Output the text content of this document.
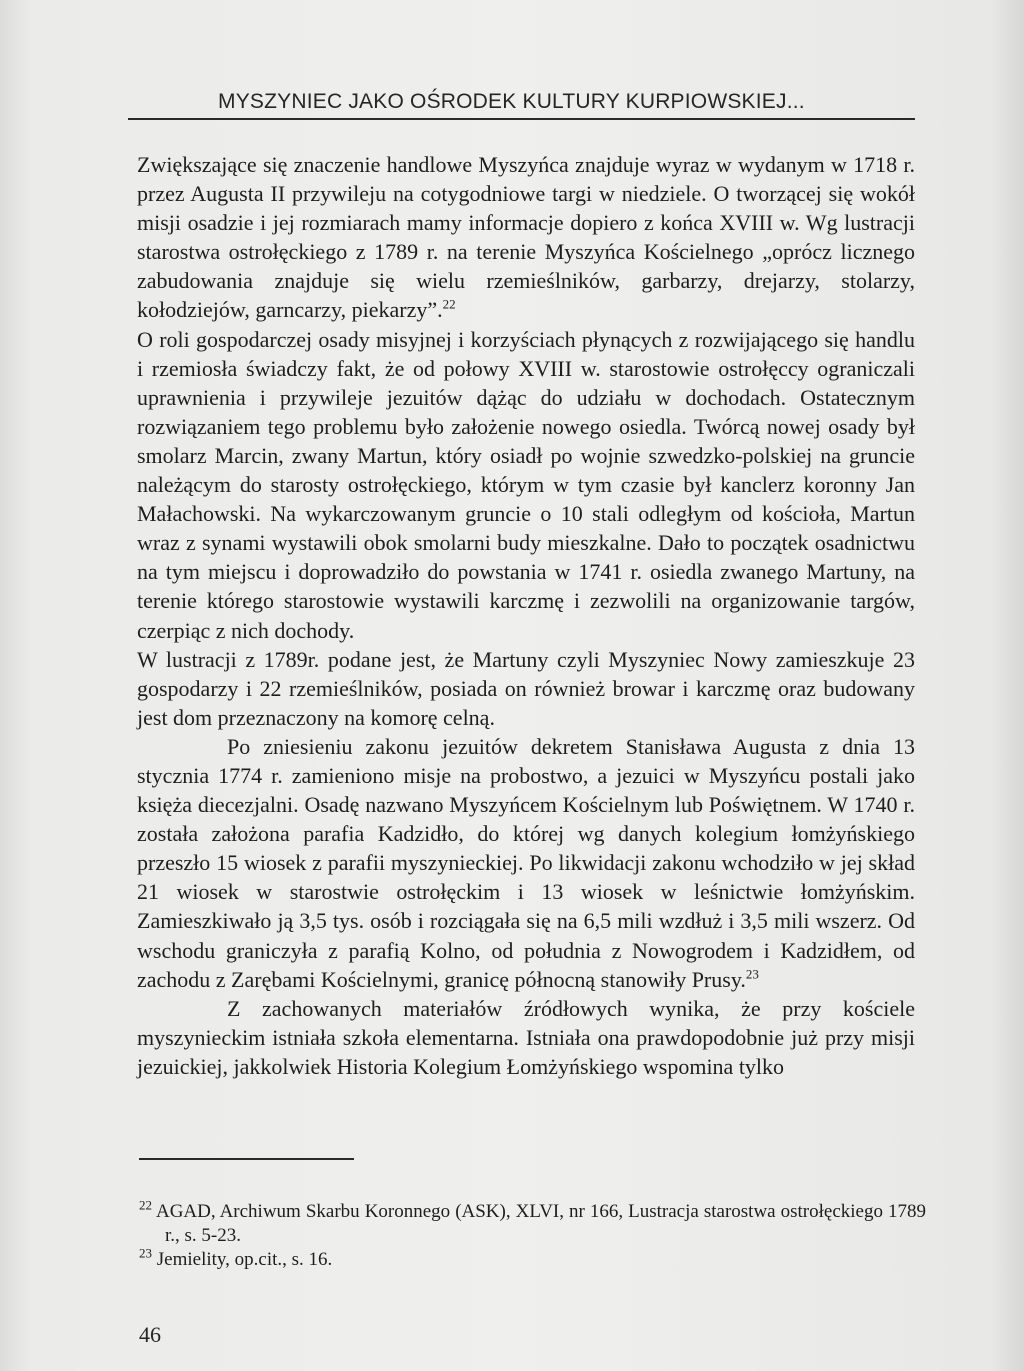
MYSZYNIEC JAKO OŚRODEK KULTURY KURPIOWSKIEJ...

Zwiększające się znaczenie handlowe Myszyńca znajduje wyraz w wydanym w 1718 r. przez Augusta II przywileju na cotygodniowe targi w niedziele. O tworzącej się wokół misji osadzie i jej rozmiarach mamy informacje dopiero z końca XVIII w. Wg lustracji starostwa ostrołęckiego z 1789 r. na terenie Myszyńca Kościelnego „oprócz licznego zabudowania znajduje się wielu rzemieślników, garbarzy, drejarzy, stolarzy, kołodziejów, garncarzy, piekarzy”.$^{22}$

O roli gospodarczej osady misyjnej i korzyściach płynących z rozwijającego się handlu i rzemiosła świadczy fakt, że od połowy XVIII w. starostowie ostrołęccy ograniczali uprawnienia i przywileje jezuitów dążąc do udziału w dochodach. Ostatecznym rozwiązaniem tego problemu było założenie nowego osiedla. Twórcą nowej osady był smolarz Marcin, zwany Martun, który osiadł po wojnie szwedzko-polskiej na gruncie należącym do starosty ostrołęckiego, którym w tym czasie był kanclerz koronny Jan Małachowski. Na wykarczowanym gruncie o 10 stali odległym od kościoła, Martun wraz z synami wystawili obok smolarni budy mieszkalne. Dało to początek osadnictwu na tym miejscu i doprowadziło do powstania w 1741 r. osiedla zwanego Martuny, na terenie którego starostowie wystawili karczmę i zezwolili na organizowanie targów, czerpiąc z nich dochody.

W lustracji z 1789r. podane jest, że Martuny czyli Myszyniec Nowy zamieszkuje 23 gospodarzy i 22 rzemieślników, posiada on również browar i karczmę oraz budowany jest dom przeznaczony na komorę celną.

Po zniesieniu zakonu jezuitów dekretem Stanisława Augusta z dnia 13 stycznia 1774 r. zamieniono misje na probostwo, a jezuici w Myszyńcu postali jako księża diecezjalni. Osadę nazwano Myszyńcem Kościelnym lub Poświętnem. W 1740 r. została założona parafia Kadzidło, do której wg danych kolegium łomżyńskiego przeszło 15 wiosek z parafii myszynieckiej. Po likwidacji zakonu wchodziło w jej skład 21 wiosek w starostwie ostrołęckim i 13 wiosek w leśnictwie łomżyńskim. Zamieszkiwało ją 3,5 tys. osób i rozciągała się na 6,5 mili wzdłuż i 3,5 mili wszerz. Od wschodu graniczyła z parafią Kolno, od południa z Nowogrodem i Kadzidłem, od zachodu z Zarębami Kościelnymi, granicę północną stanowiły Prusy.$^{23}$

Z zachowanych materiałów źródłowych wynika, że przy kościele myszynieckim istniała szkoła elementarna. Istniała ona prawdopodobnie już przy misji jezuickiej, jakkolwiek Historia Kolegium Łomżyńskiego wspomina tylko

$^{22}$ AGAD, Archiwum Skarbu Koronnego (ASK), XLVI, nr 166, Lustracja starostwa ostrołęckiego 1789 r., s. 5-23.

$^{23}$ Jemielity, op.cit., s. 16.

46
